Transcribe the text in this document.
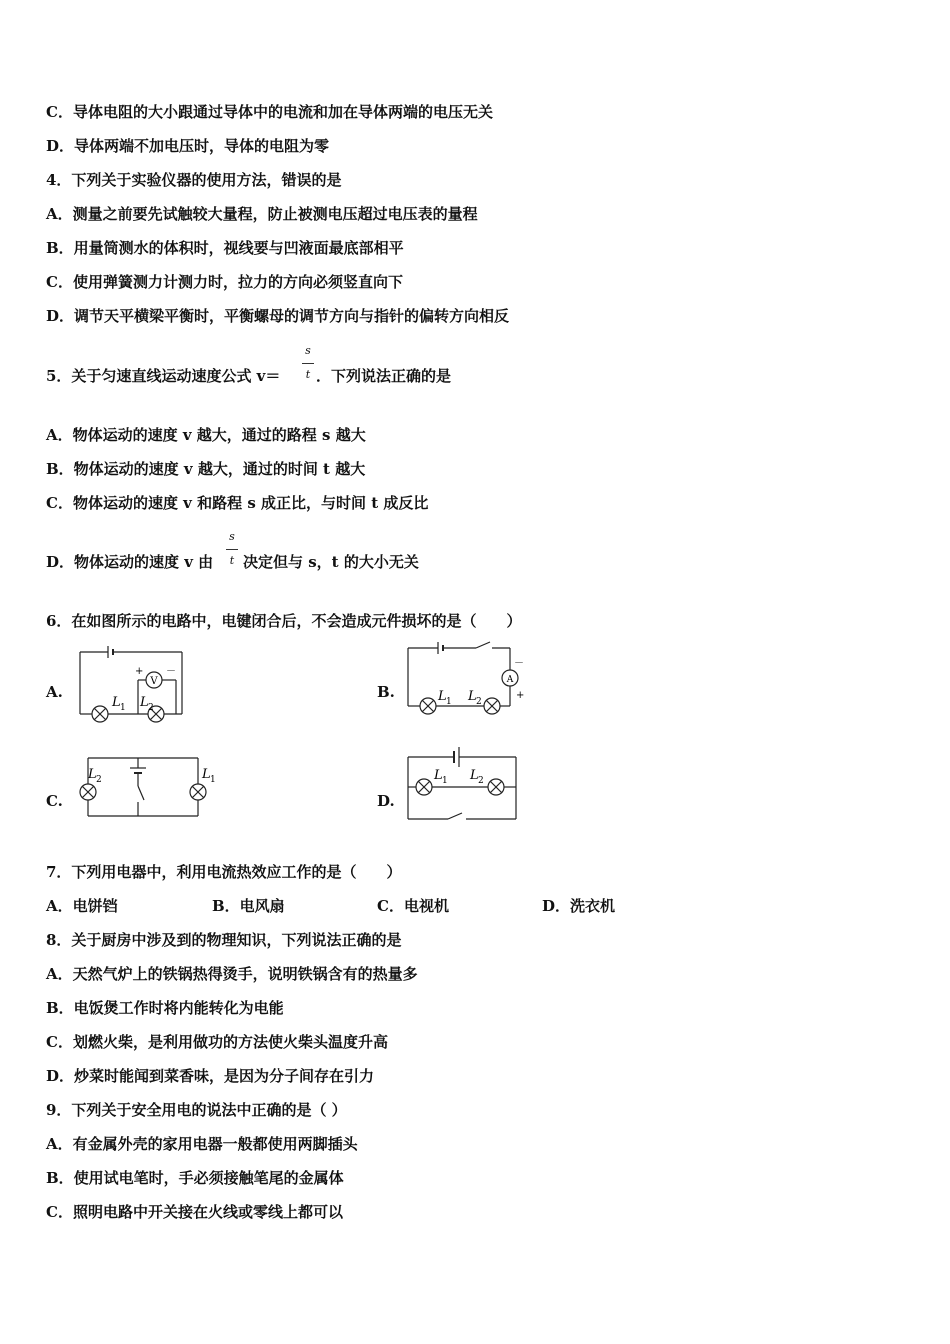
C．导体电阻的大小跟通过导体中的电流和加在导体两端的电压无关
D．导体两端不加电压时，导体的电阻为零
4．下列关于实验仪器的使用方法，错误的是
A．测量之前要先试触较大量程，防止被测电压超过电压表的量程
B．用量筒测水的体积时，视线要与凹液面最底部相平
C．使用弹簧测力计测力时，拉力的方向必须竖直向下
D．调节天平横梁平衡时，平衡螺母的调节方向与指针的偏转方向相反
5．关于匀速直线运动速度公式 v＝
s
t ．下列说法正确的是
A．物体运动的速度 v 越大，通过的路程 s 越大
B．物体运动的速度 v 越大，通过的时间 t 越大
C．物体运动的速度 v 和路程 s 成正比，与时间 t 成反比
D．物体运动的速度 v 由
s
t 决定但与 s，t 的大小无关
6．在如图所示的电路中，电键闭合后，不会造成元件损坏的是（　　）
A.	B.
C.	D.
V
+ －
L 1 L 2
A
+
－
L 1 L 2
L 2	L 1	L 1 L 2
7．下列用电器中，利用电流热效应工作的是（　　）
A．电饼铛	B．电风扇	C．电视机	D．洗衣机
8．关于厨房中涉及到的物理知识，下列说法正确的是
A．天然气炉上的铁锅热得烫手，说明铁锅含有的热量多
B．电饭煲工作时将内能转化为电能
C．划燃火柴，是利用做功的方法使火柴头温度升高
D．炒菜时能闻到菜香味，是因为分子间存在引力
9．下列关于安全用电的说法中正确的是（ ）
A．有金属外壳的家用电器一般都使用两脚插头
B．使用试电笔时，手必须接触笔尾的金属体
C．照明电路中开关接在火线或零线上都可以
